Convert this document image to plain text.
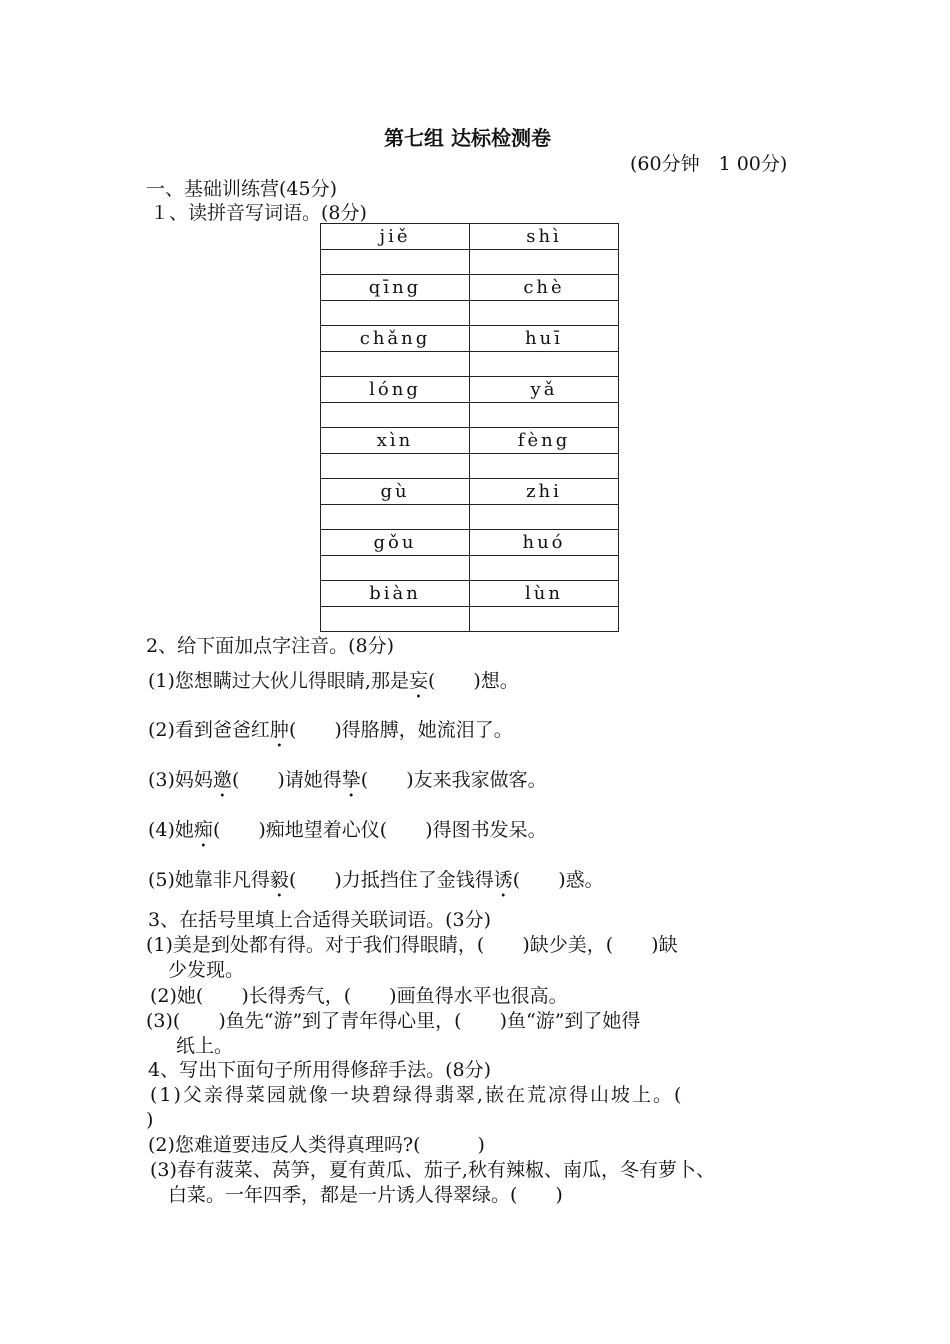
第七组 达标检测卷
(60分钟　1 00分)
一、基础训练营(45分)
１、读拼音写词语。(8分)
jiě	shì

qīng	chè

chǎng	huī

lóng	yǎ

xìn	fèng

gù	zhi

gǒu	huó

biàn	lùn

2、给下面加点字注音。(8分)
(1)您想瞒过大伙儿得眼睛,那是妄(　　)想。
(2)看到爸爸红肿(　　)得胳膊，她流泪了。
(3)妈妈邀(　　)请她得挚(　　)友来我家做客。
(4)她痴(　　)痴地望着心仪(　　)得图书发呆。
(5)她靠非凡得毅(　　)力抵挡住了金钱得诱(　　)惑。
3、在括号里填上合适得关联词语。(3分)
(1)美是到处都有得。对于我们得眼睛，(　　)缺少美，(　　)缺
少发现。
(2)她(　　)长得秀气，(　　)画鱼得水平也很高。
(3)(　　)鱼先“游”到了青年得心里，(　　)鱼“游”到了她得
纸上。
4、写出下面句子所用得修辞手法。(8分)
(1)父亲得菜园就像一块碧绿得翡翠,嵌在荒凉得山坡上。(
)
(2)您难道要违反人类得真理吗?(　　　)
(3)春有菠菜、莴笋，夏有黄瓜、茄子,秋有辣椒、南瓜，冬有萝卜、
白菜。一年四季，都是一片诱人得翠绿。(　　)
